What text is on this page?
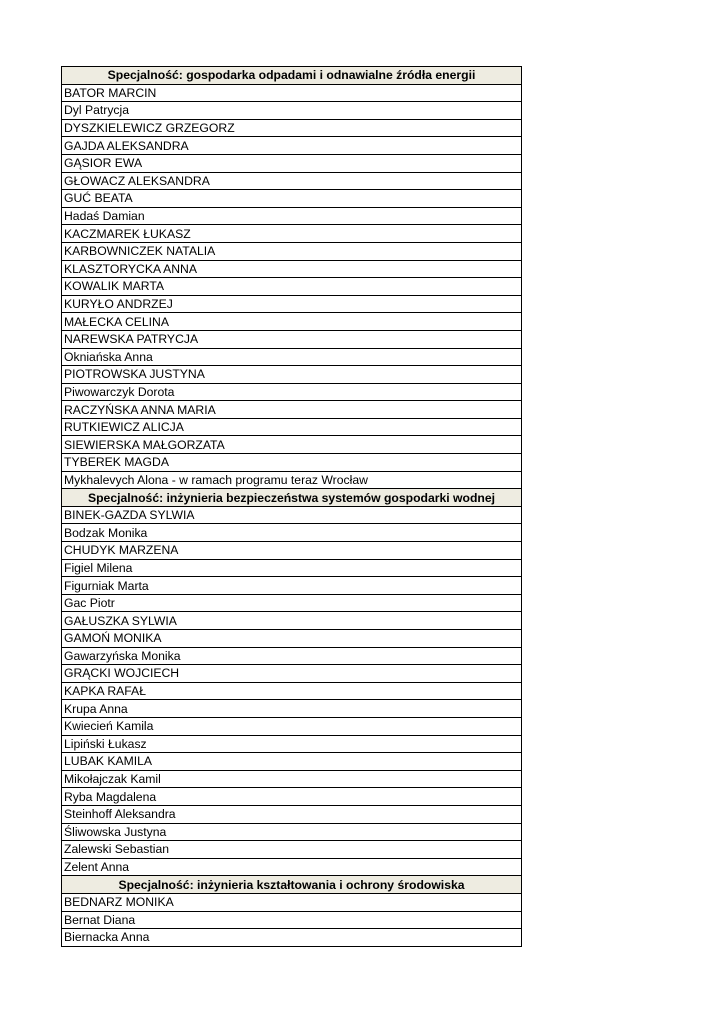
Specjalność: gospodarka odpadami i odnawialne źródła energii
BATOR MARCIN
Dyl Patrycja
DYSZKIELEWICZ GRZEGORZ
GAJDA ALEKSANDRA
GĄSIOR EWA
GŁOWACZ ALEKSANDRA
GUĆ BEATA
Hadaś Damian
KACZMAREK ŁUKASZ
KARBOWNICZEK NATALIA
KLASZTORYCKA ANNA
KOWALIK MARTA
KURYŁO ANDRZEJ
MAŁECKA CELINA
NAREWSKA PATRYCJA
Okniańska Anna
PIOTROWSKA JUSTYNA
Piwowarczyk Dorota
RACZYŃSKA ANNA MARIA
RUTKIEWICZ ALICJA
SIEWIERSKA MAŁGORZATA
TYBEREK MAGDA
Mykhalevych Alona - w ramach programu teraz Wrocław
Specjalność: inżynieria bezpieczeństwa systemów gospodarki wodnej
BINEK-GAZDA SYLWIA
Bodzak Monika
CHUDYK MARZENA
Figiel Milena
Figurniak Marta
Gac Piotr
GAŁUSZKA SYLWIA
GAMOŃ MONIKA
Gawarzyńska Monika
GRĄCKI WOJCIECH
KAPKA RAFAŁ
Krupa Anna
Kwiecień Kamila
Lipiński Łukasz
LUBAK KAMILA
Mikołajczak Kamil
Ryba Magdalena
Steinhoff Aleksandra
Śliwowska Justyna
Zalewski Sebastian
Zelent Anna
Specjalność: inżynieria kształtowania i ochrony środowiska
BEDNARZ MONIKA
Bernat Diana
Biernacka Anna
